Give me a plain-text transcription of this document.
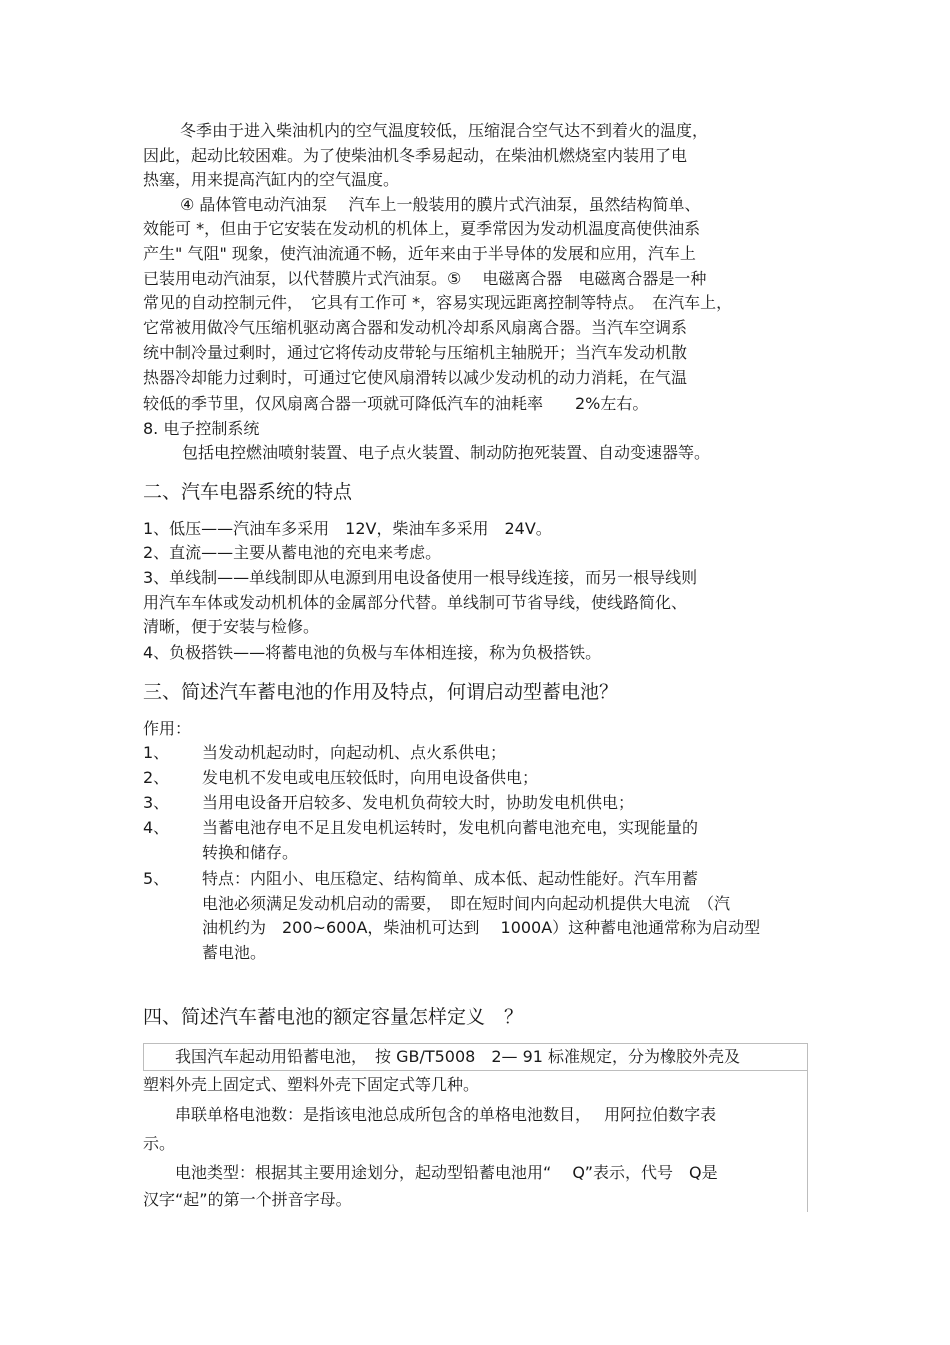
冬季由于进入柴油机内的空气温度较低，压缩混合空气达不到着火的温度，
因此，起动比较困难。为了使柴油机冬季易起动，在柴油机燃烧室内装用了电
热塞，用来提高汽缸内的空气温度。
④ 晶体管电动汽油泵　 汽车上一般装用的膜片式汽油泵，虽然结构简单、
效能可 *，但由于它安装在发动机的机体上，夏季常因为发动机温度高使供油系
产生" 气阻" 现象，使汽油流通不畅，近年来由于半导体的发展和应用，汽车上
已装用电动汽油泵，以代替膜片式汽油泵。⑤　 电磁离合器　电磁离合器是一种
常见的自动控制元件，　它具有工作可 *，容易实现远距离控制等特点。　在汽车上，
它常被用做冷气压缩机驱动离合器和发动机冷却系风扇离合器。当汽车空调系
统中制冷量过剩时，通过它将传动皮带轮与压缩机主轴脱开；当汽车发动机散
热器冷却能力过剩时，可通过它使风扇滑转以减少发动机的动力消耗，在气温
较低的季节里，仅风扇离合器一项就可降低汽车的油耗率　　2%左右。
8. 电子控制系统
包括电控燃油喷射装置、电子点火装置、制动防抱死装置、自动变速器等。
二、汽车电器系统的特点
1、低压——汽油车多采用　12V，柴油车多采用　24V。
2、直流——主要从蓄电池的充电来考虑。
3、单线制——单线制即从电源到用电设备使用一根导线连接，而另一根导线则
用汽车车体或发动机机体的金属部分代替。单线制可节省导线，使线路简化、
清晰，便于安装与检修。
4、负极搭铁——将蓄电池的负极与车体相连接，称为负极搭铁。
三、简述汽车蓄电池的作用及特点，何谓启动型蓄电池？
作用：
1、 当发动机起动时，向起动机、点火系供电；
2、 发电机不发电或电压较低时，向用电设备供电；
3、 当用电设备开启较多、发电机负荷较大时，协助发电机供电；
4、 当蓄电池存电不足且发电机运转时，发电机向蓄电池充电，实现能量的
转换和储存。
5、 特点：内阻小、电压稳定、结构简单、成本低、起动性能好。汽车用蓄
电池必须满足发动机启动的需要，　即在短时间内向起动机提供大电流　（汽
油机约为　200~600A，柴油机可达到　 1000A）这种蓄电池通常称为启动型
蓄电池。
四、简述汽车蓄电池的额定容量怎样定义　？
　　我国汽车起动用铅蓄电池，　按 GB/T5008　2— 91 标准规定，分为橡胶外壳及
塑料外壳上固定式、塑料外壳下固定式等几种。
　　串联单格电池数：是指该电池总成所包含的单格电池数目，　 用阿拉伯数字表
示。
　　电池类型：根据其主要用途划分，起动型铅蓄电池用“　 Q”表示，代号　Q是
汉字“起”的第一个拼音字母。
